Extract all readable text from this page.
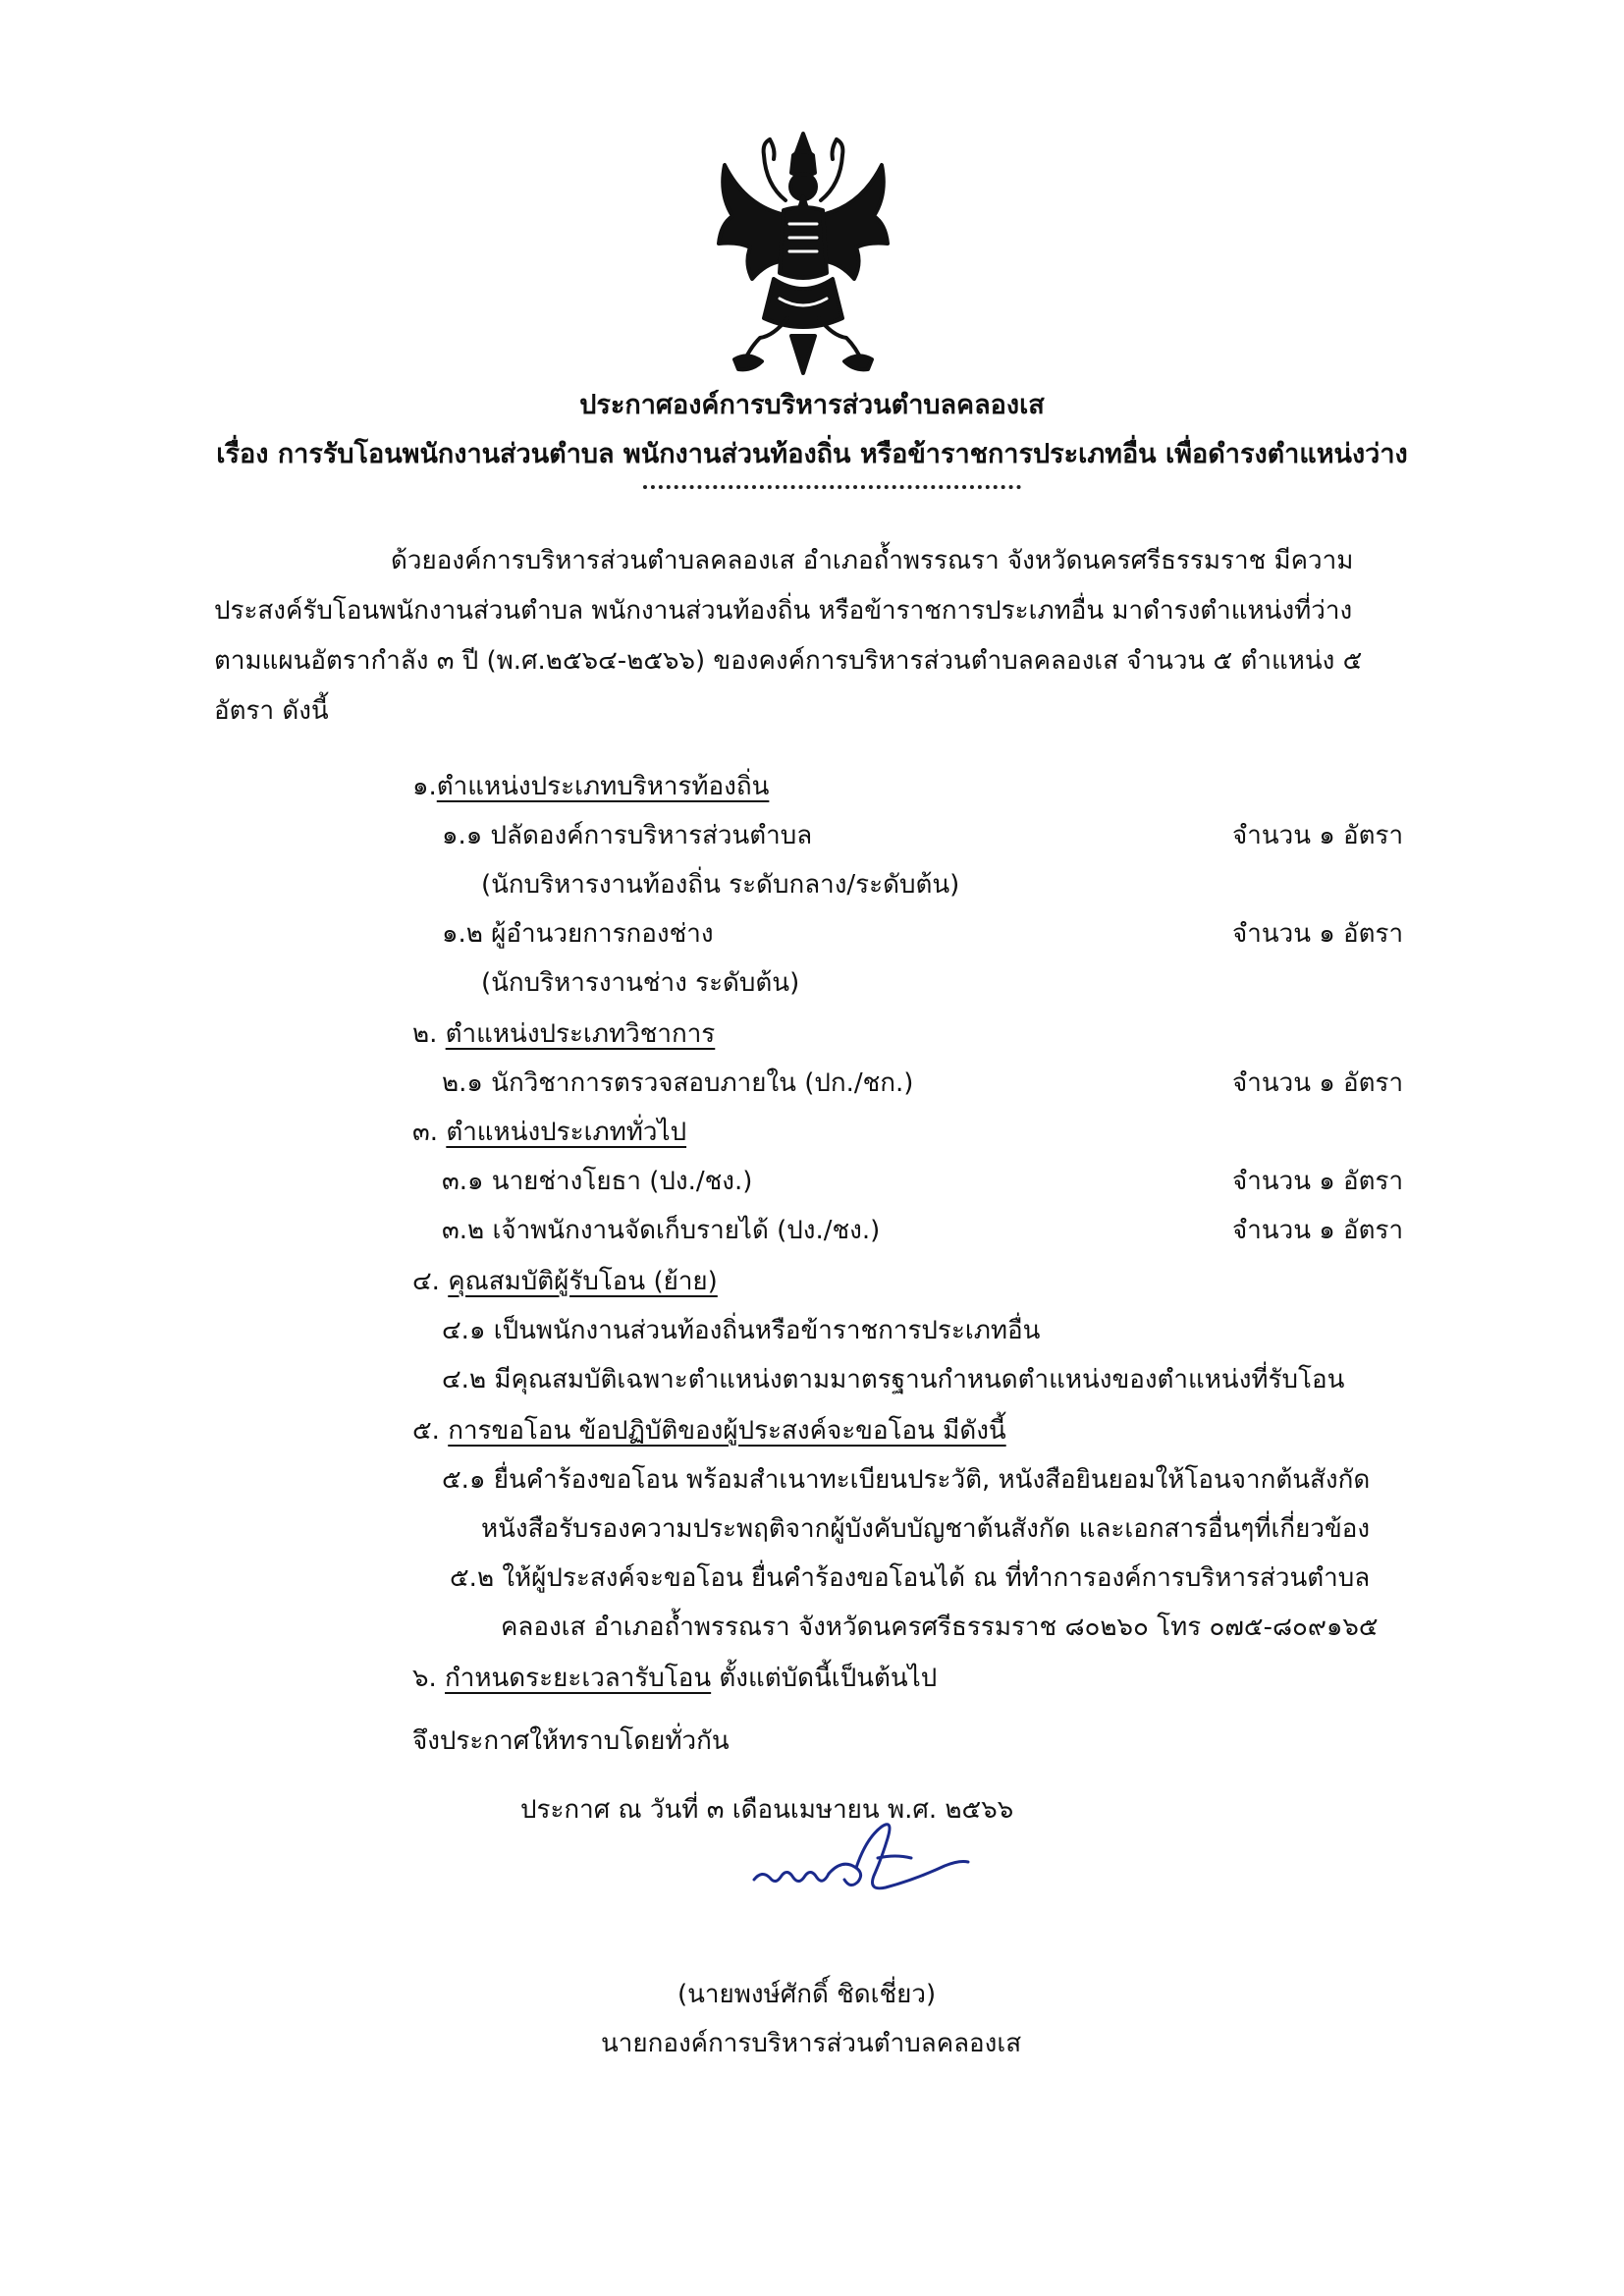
ประกาศองค์การบริหารส่วนตำบลคลองเส
เรื่อง การรับโอนพนักงานส่วนตำบล พนักงานส่วนท้องถิ่น หรือข้าราชการประเภทอื่น เพื่อดำรงตำแหน่งว่าง
ด้วยองค์การบริหารส่วนตำบลคลองเส อำเภอถ้ำพรรณรา จังหวัดนครศรีธรรมราช มีความ
ประสงค์รับโอนพนักงานส่วนตำบล พนักงานส่วนท้องถิ่น หรือข้าราชการประเภทอื่น มาดำรงตำแหน่งที่ว่าง
ตามแผนอัตรากำลัง ๓ ปี (พ.ศ.๒๕๖๔-๒๕๖๖) ของคงค์การบริหารส่วนตำบลคลองเส จำนวน ๕ ตำแหน่ง ๕
อัตรา ดังนี้
๑.ตำแหน่งประเภทบริหารท้องถิ่น
๑.๑ ปลัดองค์การบริหารส่วนตำบล	จำนวน ๑ อัตรา
(นักบริหารงานท้องถิ่น ระดับกลาง/ระดับต้น)
๑.๒ ผู้อำนวยการกองช่าง	จำนวน ๑ อัตรา
(นักบริหารงานช่าง ระดับต้น)
๒. ตำแหน่งประเภทวิชาการ
๒.๑ นักวิชาการตรวจสอบภายใน (ปก./ชก.)	จำนวน ๑ อัตรา
๓. ตำแหน่งประเภททั่วไป
๓.๑ นายช่างโยธา (ปง./ชง.)	จำนวน ๑ อัตรา
๓.๒ เจ้าพนักงานจัดเก็บรายได้ (ปง./ชง.)	จำนวน ๑ อัตรา
๔. คุณสมบัติผู้รับโอน (ย้าย)
๔.๑ เป็นพนักงานส่วนท้องถิ่นหรือข้าราชการประเภทอื่น
๔.๒ มีคุณสมบัติเฉพาะตำแหน่งตามมาตรฐานกำหนดตำแหน่งของตำแหน่งที่รับโอน
๕. การขอโอน ข้อปฏิบัติของผู้ประสงค์จะขอโอน มีดังนี้
๕.๑ ยื่นคำร้องขอโอน พร้อมสำเนาทะเบียนประวัติ, หนังสือยินยอมให้โอนจากต้นสังกัด
หนังสือรับรองความประพฤติจากผู้บังคับบัญชาต้นสังกัด และเอกสารอื่นๆที่เกี่ยวข้อง
๕.๒ ให้ผู้ประสงค์จะขอโอน ยื่นคำร้องขอโอนได้ ณ ที่ทำการองค์การบริหารส่วนตำบล
คลองเส อำเภอถ้ำพรรณรา จังหวัดนครศรีธรรมราช ๘๐๒๖๐ โทร ๐๗๕-๘๐๙๑๖๕
๖. กำหนดระยะเวลารับโอน ตั้งแต่บัดนี้เป็นต้นไป
จึงประกาศให้ทราบโดยทั่วกัน
ประกาศ ณ วันที่ ๓ เดือนเมษายน พ.ศ. ๒๕๖๖
(นายพงษ์ศักดิ์ ชิดเชี่ยว)
นายกองค์การบริหารส่วนตำบลคลองเส
